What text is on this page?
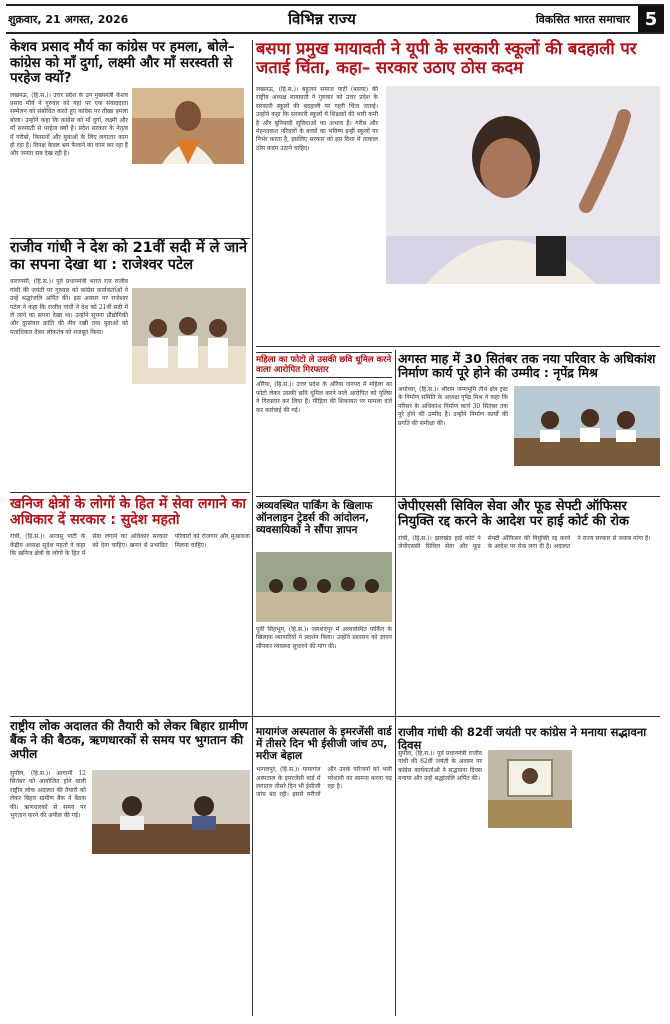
शुक्रवार, 21 अगस्त, 2026	विभिन्न राज्य	विकसित भारत समाचार 5
केशव प्रसाद मौर्य का कांग्रेस पर हमला, बोले–कांग्रेस को माँ दुर्गा, लक्ष्मी और माँ सरस्वती से परहेज क्यों?
लखनऊ, (हि.स.)। उत्तर प्रदेश के उप मुख्यमंत्री केशव प्रसाद मौर्य ने गुरुवार को यहां पर एक संवाददाता सम्मेलन को संबोधित करते हुए कांग्रेस पर तीखा हमला बोला। उन्होंने कहा कि कांग्रेस को माँ दुर्गा, लक्ष्मी और माँ सरस्वती से परहेज क्यों है। प्रदेश सरकार के नेतृत्व में गरीबों, किसानों और युवाओं के लिए लगातार काम हो रहा है। विपक्ष केवल भ्रम फैलाने का काम कर रहा है और जनता सब देख रही है।
बसपा प्रमुख मायावती ने यूपी के सरकारी स्कूलों की बदहाली पर जताई चिंता, कहा– सरकार उठाए ठोस कदम
लखनऊ, (हि.स.)। बहुजन समाज पार्टी (बसपा) की राष्ट्रीय अध्यक्ष मायावती ने गुरुवार को उत्तर प्रदेश के सरकारी स्कूलों की बदहाली पर गहरी चिंता जताई। उन्होंने कहा कि सरकारी स्कूलों में शिक्षकों की भारी कमी है और बुनियादी सुविधाओं का अभाव है। गरीब और मेहनतकश परिवारों के बच्चों का भविष्य इन्हीं स्कूलों पर निर्भर करता है, इसलिए सरकार को इस दिशा में तत्काल ठोस कदम उठाने चाहिए।
राजीव गांधी ने देश को 21वीं सदी में ले जाने का सपना देखा था : राजेश्वर पटेल
वाराणसी, (हि.स.)। पूर्व प्रधानमंत्री भारत रत्न राजीव गांधी की जयंती पर गुरुवार को कांग्रेस कार्यकर्ताओं ने उन्हें श्रद्धांजलि अर्पित की। इस अवसर पर राजेश्वर पटेल ने कहा कि राजीव गांधी ने देश को 21वीं सदी में ले जाने का सपना देखा था। उन्होंने सूचना प्रौद्योगिकी और दूरसंचार क्रांति की नींव रखी तथा युवाओं को मताधिकार देकर लोकतंत्र को मजबूत किया।
महिला का फोटो ले उसकी छवि धूमिल करने वाला आरोपित गिरफ्तार
औरैया, (हि.स.)। उत्तर प्रदेश के औरैया जनपद में महिला का फोटो लेकर उसकी छवि धूमिल करने वाले आरोपित को पुलिस ने गिरफ्तार कर लिया है। पीड़िता की शिकायत पर मामला दर्ज कर कार्रवाई की गई।
अगस्त माह में 30 सितंबर तक नया परिवार के अधिकांश निर्माण कार्य पूरे होने की उम्मीद : नृपेंद्र मिश्र
अयोध्या, (हि.स.)। श्रीराम जन्मभूमि तीर्थ क्षेत्र ट्रस्ट के निर्माण समिति के अध्यक्ष नृपेंद्र मिश्र ने कहा कि परिसर के अधिकांश निर्माण कार्य 30 सितंबर तक पूरे होने की उम्मीद है। उन्होंने निर्माण कार्यों की प्रगति की समीक्षा की।
खनिज क्षेत्रों के लोगों के हित में सेवा लगाने का अधिकार दें सरकार : सुदेश महतो
रांची, (हि.स.)। आजसू पार्टी के केंद्रीय अध्यक्ष सुदेश महतो ने कहा कि खनिज क्षेत्रों के लोगों के हित में सेवा लगाने का अधिकार सरकार को देना चाहिए। खनन से प्रभावित परिवारों को रोजगार और मुआवजा मिलना चाहिए।
अव्यवस्थित पार्किंग के खिलाफ ऑनलाइन ट्रेडर्स की आंदोलन, व्यवसायिकों ने सौंपा ज्ञापन
पूर्वी सिंहभूम, (हि.स.)। जमशेदपुर में अव्यवस्थित पार्किंग के खिलाफ व्यापारियों ने प्रदर्शन किया। उन्होंने प्रशासन को ज्ञापन सौंपकर व्यवस्था सुधारने की मांग की।
जेपीएससी सिविल सेवा और फूड सेफ्टी ऑफिसर नियुक्ति रद्द करने के आदेश पर हाई कोर्ट की रोक
रांची, (हि.स.)। झारखंड हाई कोर्ट ने जेपीएससी सिविल सेवा और फूड सेफ्टी ऑफिसर की नियुक्ति रद्द करने के आदेश पर रोक लगा दी है। अदालत ने राज्य सरकार से जवाब मांगा है।
राष्ट्रीय लोक अदालत की तैयारी को लेकर बिहार ग्रामीण बैंक ने की बैठक, ऋणधारकों से समय पर भुगतान की अपील
सुपौल, (हि.स.)। आगामी 12 सितंबर को आयोजित होने वाली राष्ट्रीय लोक अदालत की तैयारी को लेकर बिहार ग्रामीण बैंक ने बैठक की। ऋणधारकों से समय पर भुगतान करने की अपील की गई।
मायागंज अस्पताल के इमरजेंसी वार्ड में तीसरे दिन भी ईसीजी जांच ठप, मरीज बेहाल
भागलपुर, (हि.स.)। मायागंज अस्पताल के इमरजेंसी वार्ड में लगातार तीसरे दिन भी ईसीजी जांच बंद रही। इससे मरीजों और उनके परिजनों को भारी परेशानी का सामना करना पड़ रहा है।
राजीव गांधी की 82वीं जयंती पर कांग्रेस ने मनाया सद्भावना दिवस
सुपौल, (हि.स.)। पूर्व प्रधानमंत्री राजीव गांधी की 82वीं जयंती के अवसर पर कांग्रेस कार्यकर्ताओं ने सद्भावना दिवस मनाया और उन्हें श्रद्धांजलि अर्पित की।
